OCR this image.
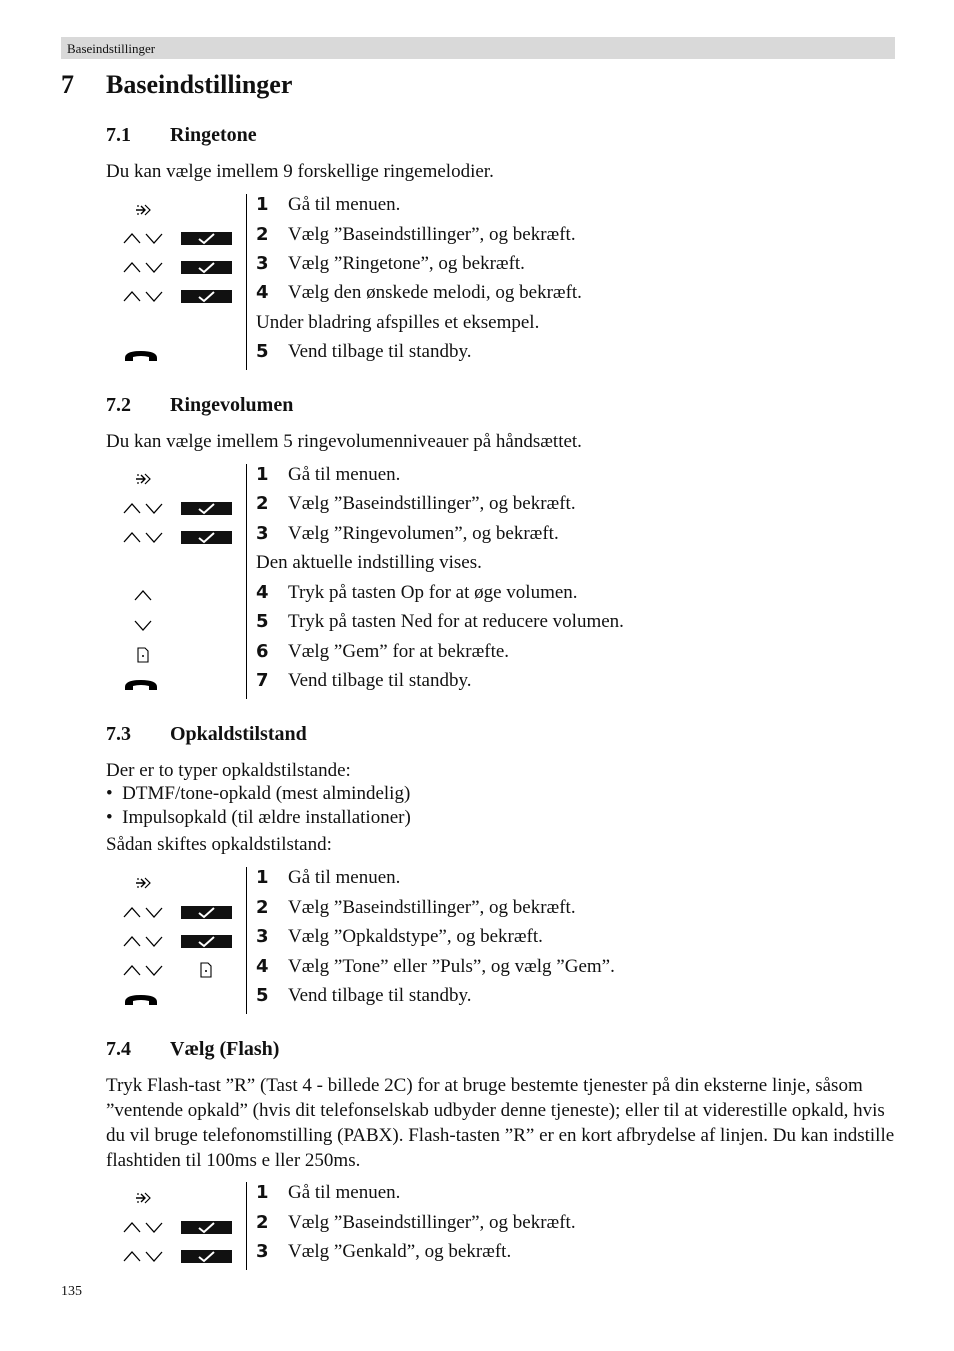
Baseindstillinger
7 Baseindstillinger
7.1 Ringetone
Du kan vælge imellem 9 forskellige ringemelodier.
1 Gå til menuen.
2 Vælg ”Baseindstillinger”, og bekræft.
3 Vælg ”Ringetone”, og bekræft.
4 Vælg den ønskede melodi, og bekræft.
Under bladring afspilles et eksempel.
5 Vend tilbage til standby.
7.2 Ringevolumen
Du kan vælge imellem 5 ringevolumenniveauer på håndsættet.
1 Gå til menuen.
2 Vælg ”Baseindstillinger”, og bekræft.
3 Vælg ”Ringevolumen”, og bekræft.
Den aktuelle indstilling vises.
4 Tryk på tasten Op for at øge volumen.
5 Tryk på tasten Ned for at reducere volumen.
6 Vælg ”Gem” for at bekræfte.
7 Vend tilbage til standby.
7.3 Opkaldstilstand
Der er to typer opkaldstilstande:
•  DTMF/tone-opkald (mest almindelig)
•  Impulsopkald (til ældre installationer)
Sådan skiftes opkaldstilstand:
1 Gå til menuen.
2 Vælg ”Baseindstillinger”, og bekræft.
3 Vælg ”Opkaldstype”, og bekræft.
4 Vælg ”Tone” eller ”Puls”, og vælg ”Gem”.
5 Vend tilbage til standby.
7.4 Vælg (Flash)
Tryk Flash-tast ”R” (Tast 4 - billede 2C) for at bruge bestemte tjenester på din eksterne linje, såsom ”ventende opkald” (hvis dit telefonselskab udbyder denne tjeneste); eller til at viderestille opkald, hvis du vil bruge telefonomstilling (PABX). Flash-tasten ”R” er en kort afbrydelse af linjen. Du kan indstille flashtiden til 100ms e ller 250ms.
1 Gå til menuen.
2 Vælg ”Baseindstillinger”, og bekræft.
3 Vælg ”Genkald”, og bekræft.
135
